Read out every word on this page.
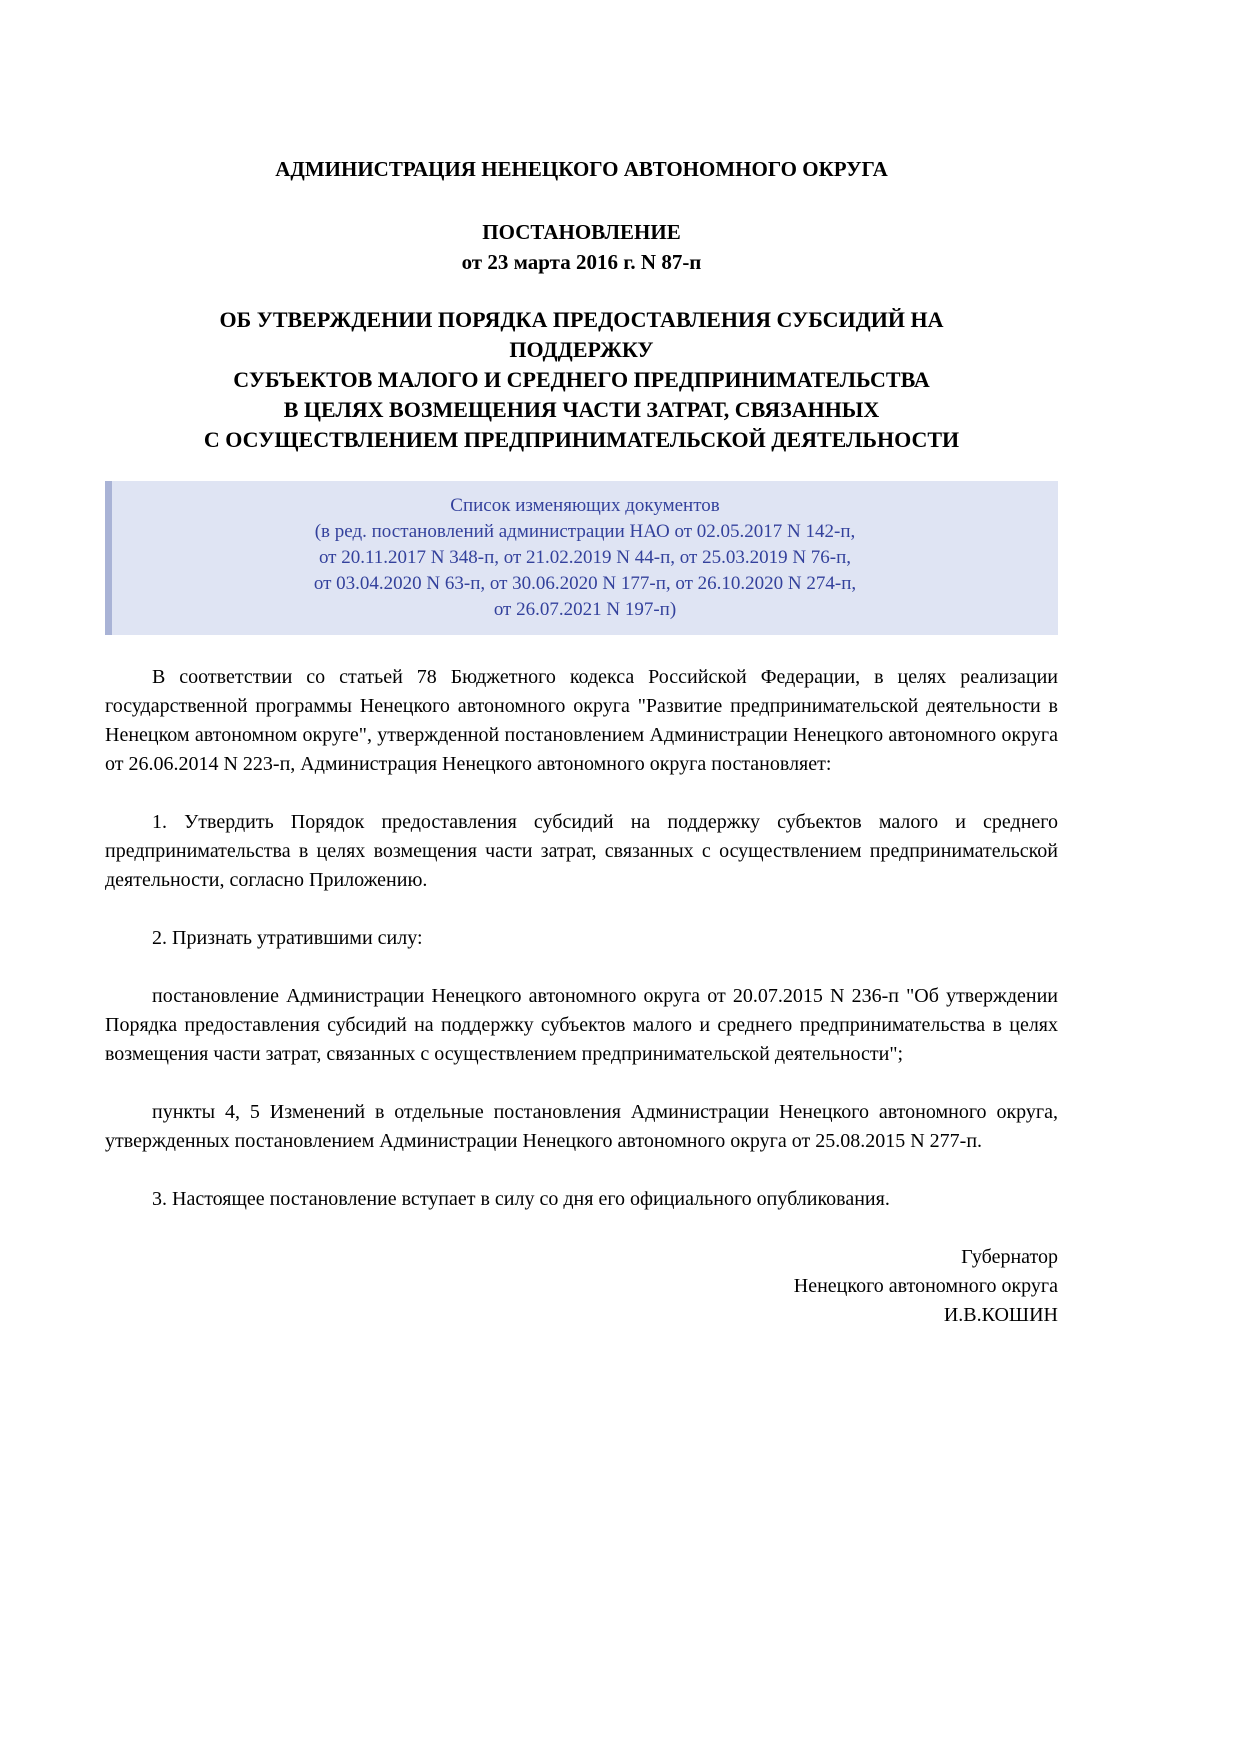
АДМИНИСТРАЦИЯ НЕНЕЦКОГО АВТОНОМНОГО ОКРУГА
ПОСТАНОВЛЕНИЕ
от 23 марта 2016 г. N 87-п
ОБ УТВЕРЖДЕНИИ ПОРЯДКА ПРЕДОСТАВЛЕНИЯ СУБСИДИЙ НА
ПОДДЕРЖКУ
СУБЪЕКТОВ МАЛОГО И СРЕДНЕГО ПРЕДПРИНИМАТЕЛЬСТВА
В ЦЕЛЯХ ВОЗМЕЩЕНИЯ ЧАСТИ ЗАТРАТ, СВЯЗАННЫХ
С ОСУЩЕСТВЛЕНИЕМ ПРЕДПРИНИМАТЕЛЬСКОЙ ДЕЯТЕЛЬНОСТИ
Список изменяющих документов
(в ред. постановлений администрации НАО от 02.05.2017 N 142-п,
от 20.11.2017 N 348-п, от 21.02.2019 N 44-п, от 25.03.2019 N 76-п,
от 03.04.2020 N 63-п, от 30.06.2020 N 177-п, от 26.10.2020 N 274-п,
от 26.07.2021 N 197-п)

В соответствии со статьей 78 Бюджетного кодекса Российской Федерации, в целях реализации государственной программы Ненецкого автономного округа "Развитие предпринимательской деятельности в Ненецком автономном округе", утвержденной постановлением Администрации Ненецкого автономного округа от 26.06.2014 N 223-п, Администрация Ненецкого автономного округа постановляет:

1. Утвердить Порядок предоставления субсидий на поддержку субъектов малого и среднего предпринимательства в целях возмещения части затрат, связанных с осуществлением предпринимательской деятельности, согласно Приложению.

2. Признать утратившими силу:

постановление Администрации Ненецкого автономного округа от 20.07.2015 N 236-п "Об утверждении Порядка предоставления субсидий на поддержку субъектов малого и среднего предпринимательства в целях возмещения части затрат, связанных с осуществлением предпринимательской деятельности";

пункты 4, 5 Изменений в отдельные постановления Администрации Ненецкого автономного округа, утвержденных постановлением Администрации Ненецкого автономного округа от 25.08.2015 N 277-п.

3. Настоящее постановление вступает в силу со дня его официального опубликования.

Губернатор
Ненецкого автономного округа
И.В.КОШИН
